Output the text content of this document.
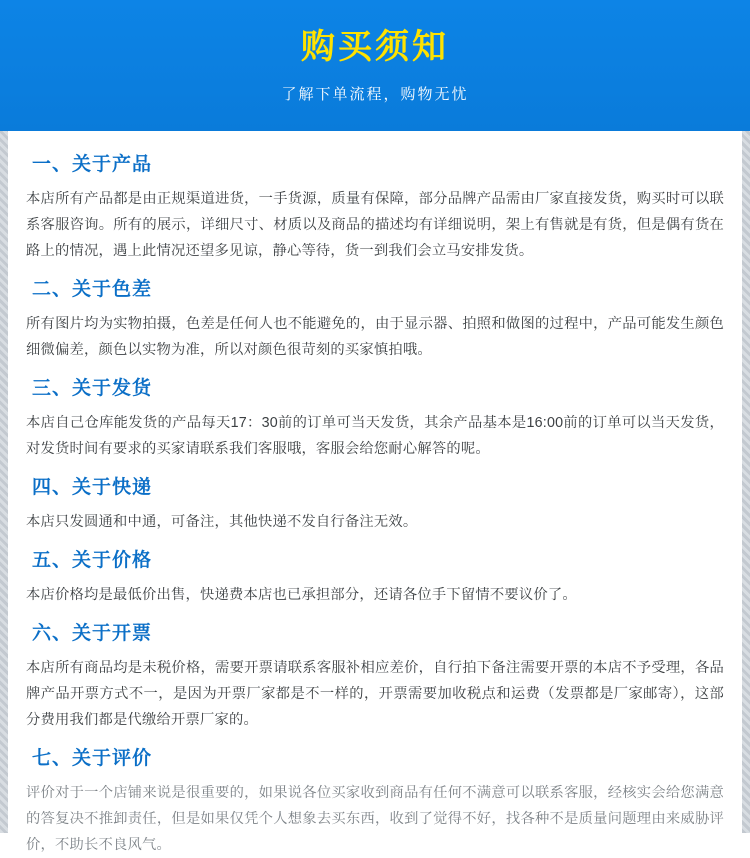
购买须知
了解下单流程，购物无忧
一、关于产品
本店所有产品都是由正规渠道进货，一手货源，质量有保障，部分品牌产品需由厂家直接发货，购买时可以联系客服咨询。所有的展示，详细尺寸、材质以及商品的描述均有详细说明，架上有售就是有货，但是偶有货在路上的情况，遇上此情况还望多见谅，静心等待，货一到我们会立马安排发货。
二、关于色差
所有图片均为实物拍摄，色差是任何人也不能避免的，由于显示器、拍照和做图的过程中，产品可能发生颜色细微偏差，颜色以实物为准，所以对颜色很苛刻的买家慎拍哦。
三、关于发货
本店自己仓库能发货的产品每天17：30前的订单可当天发货，其余产品基本是16:00前的订单可以当天发货，对发货时间有要求的买家请联系我们客服哦，客服会给您耐心解答的呢。
四、关于快递
本店只发圆通和中通，可备注，其他快递不发自行备注无效。
五、关于价格
本店价格均是最低价出售，快递费本店也已承担部分，还请各位手下留情不要议价了。
六、关于开票
本店所有商品均是未税价格，需要开票请联系客服补相应差价，自行拍下备注需要开票的本店不予受理，各品牌产品开票方式不一，是因为开票厂家都是不一样的，开票需要加收税点和运费（发票都是厂家邮寄），这部分费用我们都是代缴给开票厂家的。
七、关于评价
评价对于一个店铺来说是很重要的，如果说各位买家收到商品有任何不满意可以联系客服，经核实会给您满意的答复决不推卸责任，但是如果仅凭个人想象去买东西，收到了觉得不好，找各种不是质量问题理由来威胁评价，不助长不良风气。
